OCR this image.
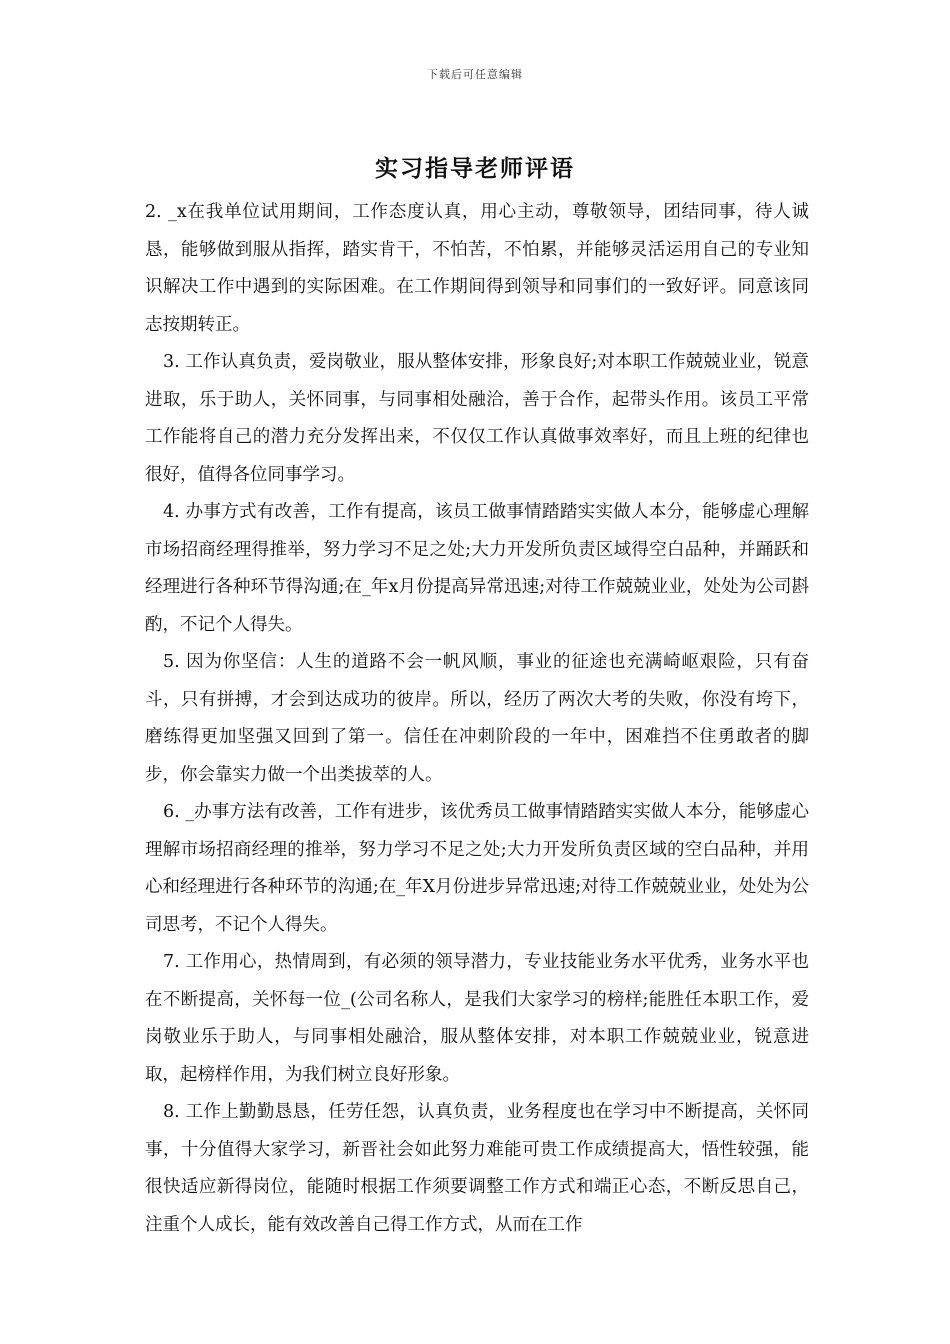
下载后可任意编辑
实习指导老师评语

2. _x在我单位试用期间，工作态度认真，用心主动，尊敬领导，团结同事，待人诚恳，能够做到服从指挥，踏实肯干，不怕苦，不怕累，并能够灵活运用自己的专业知识解决工作中遇到的实际困难。在工作期间得到领导和同事们的一致好评。同意该同志按期转正。

3. 工作认真负责，爱岗敬业，服从整体安排，形象良好;对本职工作兢兢业业，锐意进取，乐于助人，关怀同事，与同事相处融洽，善于合作，起带头作用。该员工平常工作能将自己的潜力充分发挥出来，不仅仅工作认真做事效率好，而且上班的纪律也很好，值得各位同事学习。

4. 办事方式有改善，工作有提高，该员工做事情踏踏实实做人本分，能够虚心理解市场招商经理得推举，努力学习不足之处;大力开发所负责区域得空白品种，并踊跃和经理进行各种环节得沟通;在_年x月份提高异常迅速;对待工作兢兢业业，处处为公司斟酌，不记个人得失。

5. 因为你坚信：人生的道路不会一帆风顺，事业的征途也充满崎岖艰险，只有奋斗，只有拼搏，才会到达成功的彼岸。所以，经历了两次大考的失败，你没有垮下，磨练得更加坚强又回到了第一。信任在冲刺阶段的一年中，困难挡不住勇敢者的脚步，你会靠实力做一个出类拔萃的人。

6. _办事方法有改善，工作有进步，该优秀员工做事情踏踏实实做人本分，能够虚心理解市场招商经理的推举，努力学习不足之处;大力开发所负责区域的空白品种，并用心和经理进行各种环节的沟通;在_年X月份进步异常迅速;对待工作兢兢业业，处处为公司思考，不记个人得失。

7. 工作用心，热情周到，有必须的领导潜力，专业技能业务水平优秀，业务水平也在不断提高，关怀每一位_(公司名称人，是我们大家学习的榜样;能胜任本职工作，爱岗敬业乐于助人，与同事相处融洽，服从整体安排，对本职工作兢兢业业，锐意进取，起榜样作用，为我们树立良好形象。

8. 工作上勤勤恳恳，任劳任怨，认真负责，业务程度也在学习中不断提高，关怀同事，十分值得大家学习，新晋社会如此努力难能可贵工作成绩提高大，悟性较强，能很快适应新得岗位，能随时根据工作须要调整工作方式和端正心态，不断反思自己，注重个人成长，能有效改善自己得工作方式，从而在工作
